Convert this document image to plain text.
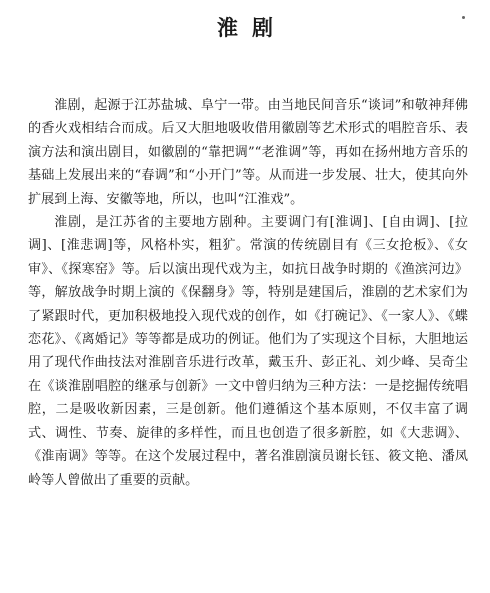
淮剧

淮剧，起源于江苏盐城、阜宁一带。由当地民间音乐“谈词”和敬神拜佛的香火戏相结合而成。后又大胆地吸收借用徽剧等艺术形式的唱腔音乐、表演方法和演出剧目，如徽剧的“靠把调”“老淮调”等，再如在扬州地方音乐的基础上发展出来的“春调”和“小开门”等。从而进一步发展、壮大，使其向外扩展到上海、安徽等地，所以，也叫“江淮戏”。

淮剧，是江苏省的主要地方剧种。主要调门有[淮调]、[自由调]、[拉调]、[淮悲调]等，风格朴实，粗犷。常演的传统剧目有《三女抢板》、《女审》、《探寒窑》等。后以演出现代戏为主，如抗日战争时期的《渔滨河边》等，解放战争时期上演的《保翻身》等，特别是建国后，淮剧的艺术家们为了紧跟时代，更加积极地投入现代戏的创作，如《打碗记》、《一家人》、《蝶恋花》、《离婚记》等等都是成功的例证。他们为了实现这个目标，大胆地运用了现代作曲技法对淮剧音乐进行改革，戴玉升、彭正礼、刘少峰、吴奇尘在《谈淮剧唱腔的继承与创新》一文中曾归纳为三种方法：一是挖掘传统唱腔，二是吸收新因素，三是创新。他们遵循这个基本原则，不仅丰富了调式、调性、节奏、旋律的多样性，而且也创造了很多新腔，如《大悲调》、《淮南调》等等。在这个发展过程中，著名淮剧演员谢长钰、筱文艳、潘凤岭等人曾做出了重要的贡献。
